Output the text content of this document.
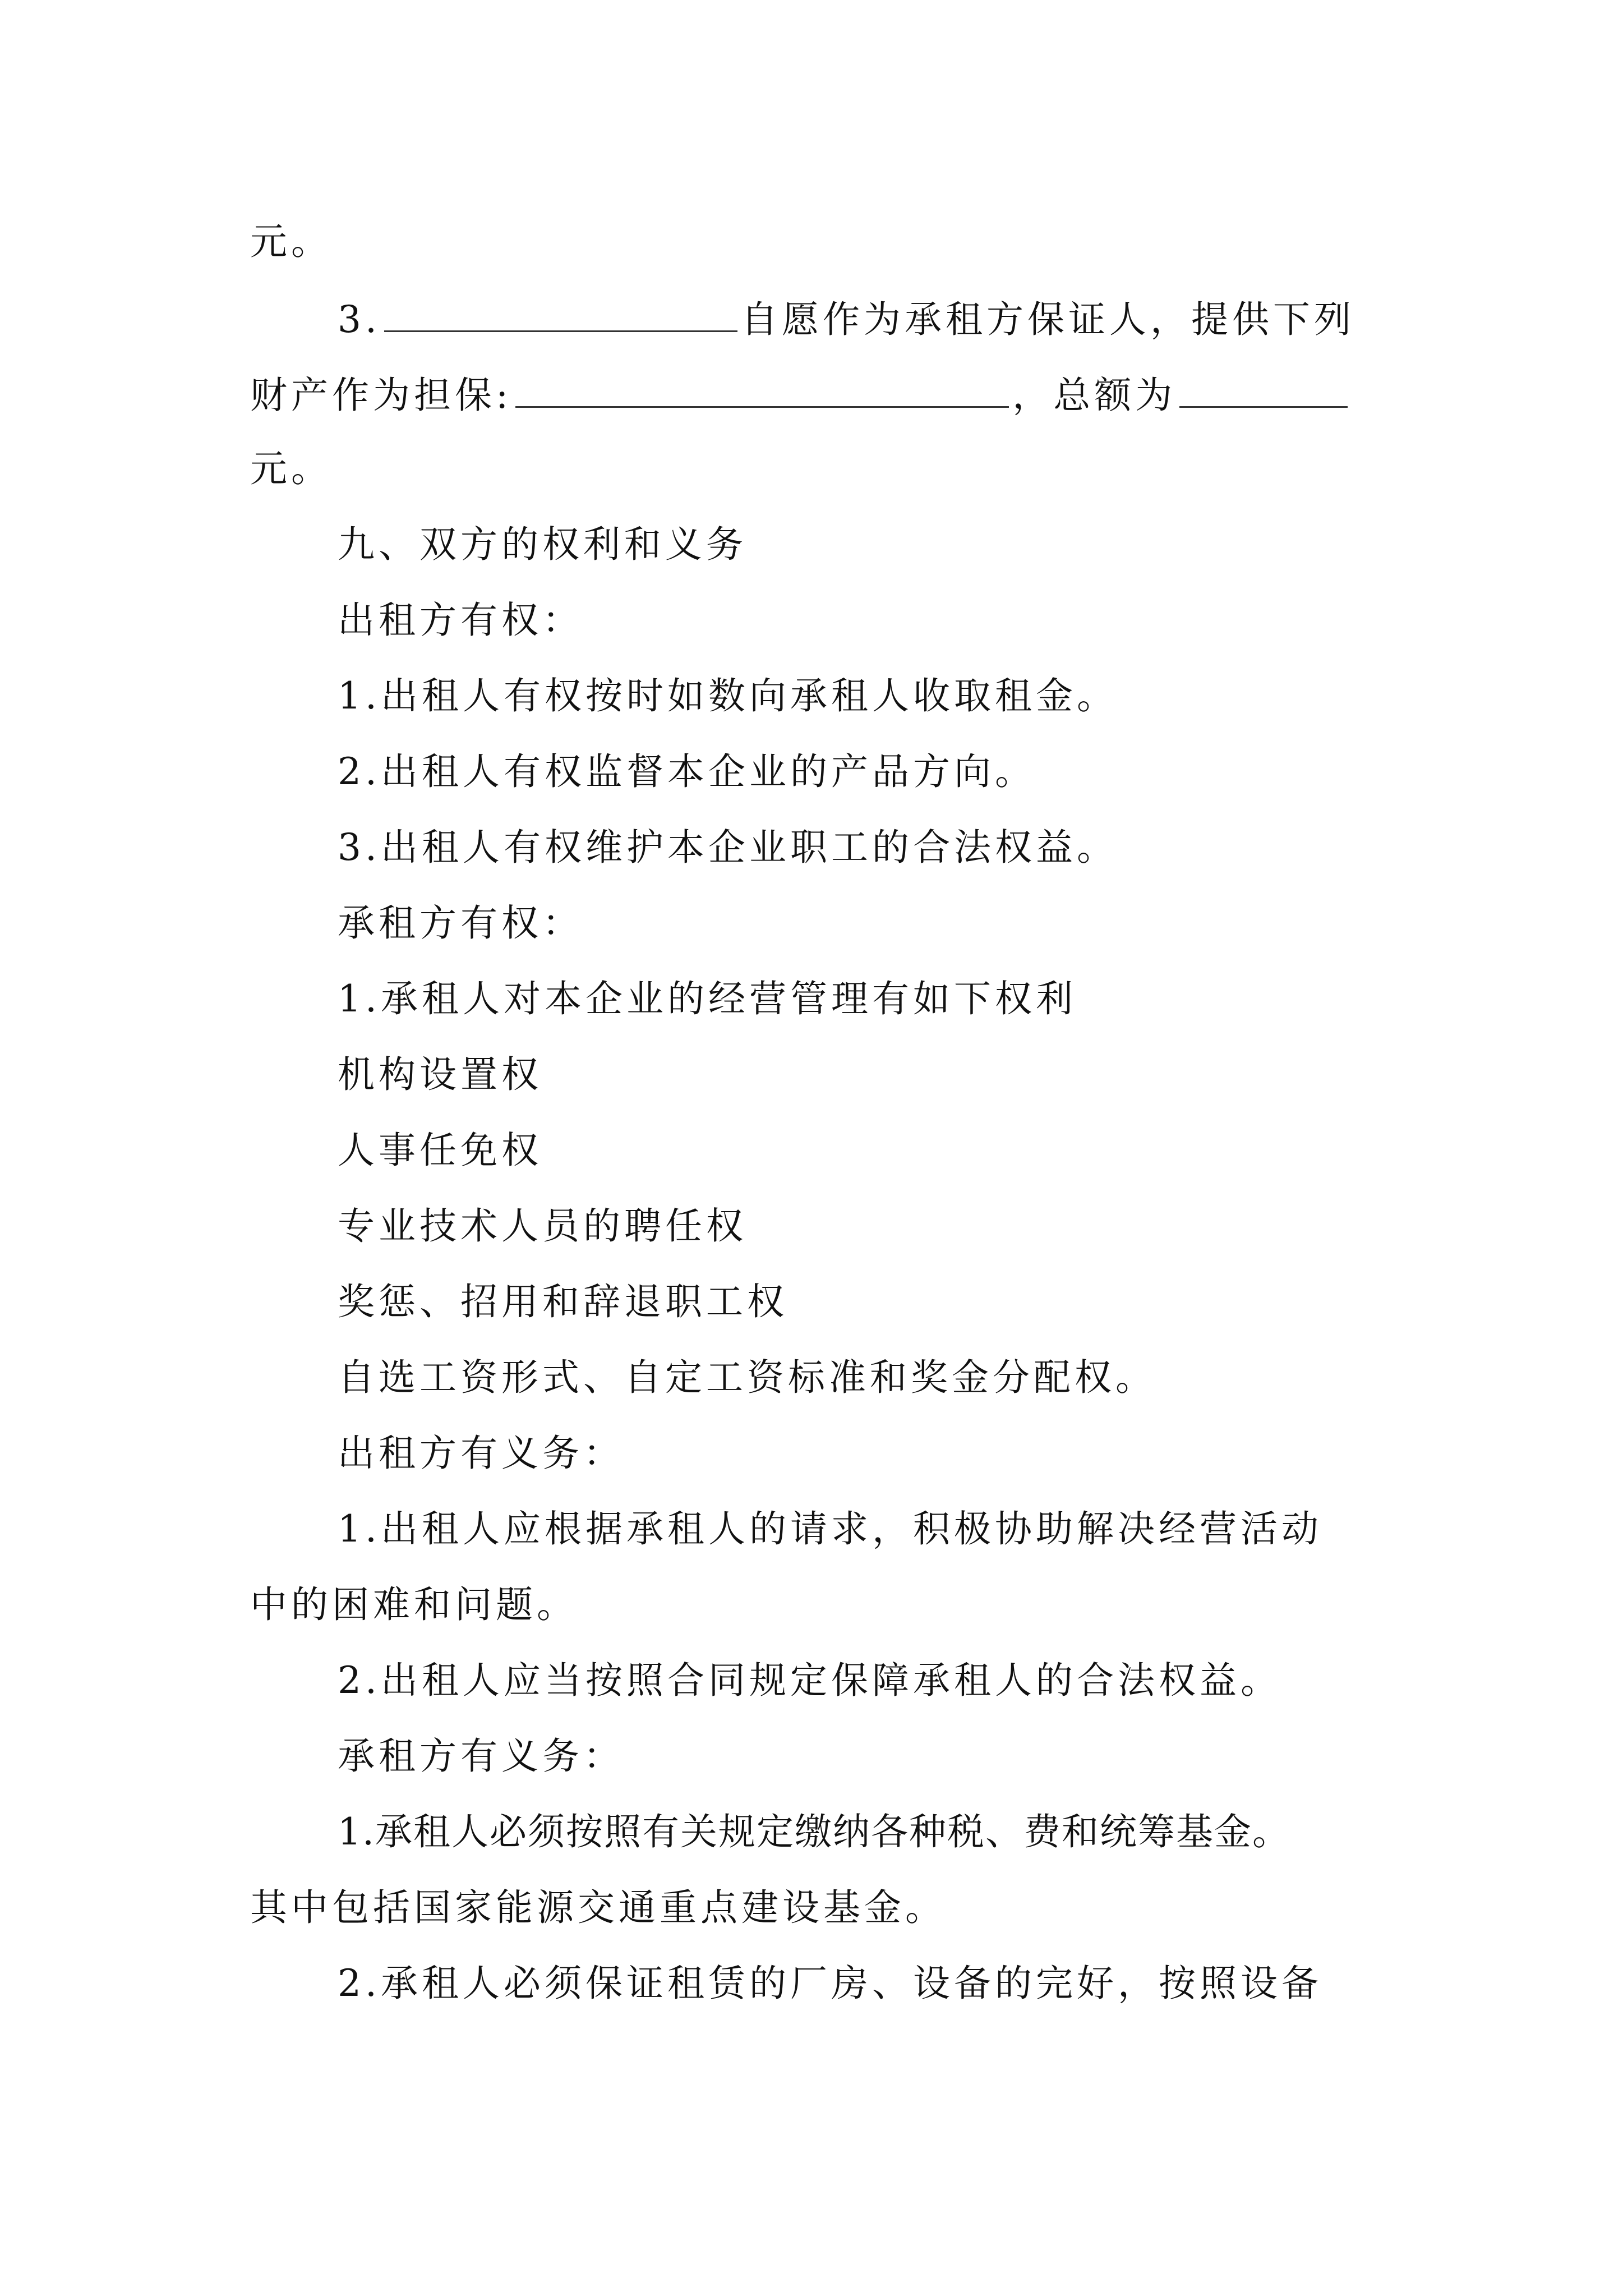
元。
3.	自愿作为承租方保证人，提供下列
财产作为担保:	，总额为
元。
九、双方的权利和义务
出租方有权：
1.出租人有权按时如数向承租人收取租金。
2.出租人有权监督本企业的产品方向。
3.出租人有权维护本企业职工的合法权益。
承租方有权：
1.承租人对本企业的经营管理有如下权利
机构设置权
人事任免权
专业技术人员的聘任权
奖惩、招用和辞退职工权
自选工资形式、自定工资标准和奖金分配权。
出租方有义务：
1.出租人应根据承租人的请求，积极协助解决经营活动
中的困难和问题。
2.出租人应当按照合同规定保障承租人的合法权益。
承租方有义务：
1.承租人必须按照有关规定缴纳各种税、费和统筹基金。
其中包括国家能源交通重点建设基金。
2.承租人必须保证租赁的厂房、设备的完好，按照设备
